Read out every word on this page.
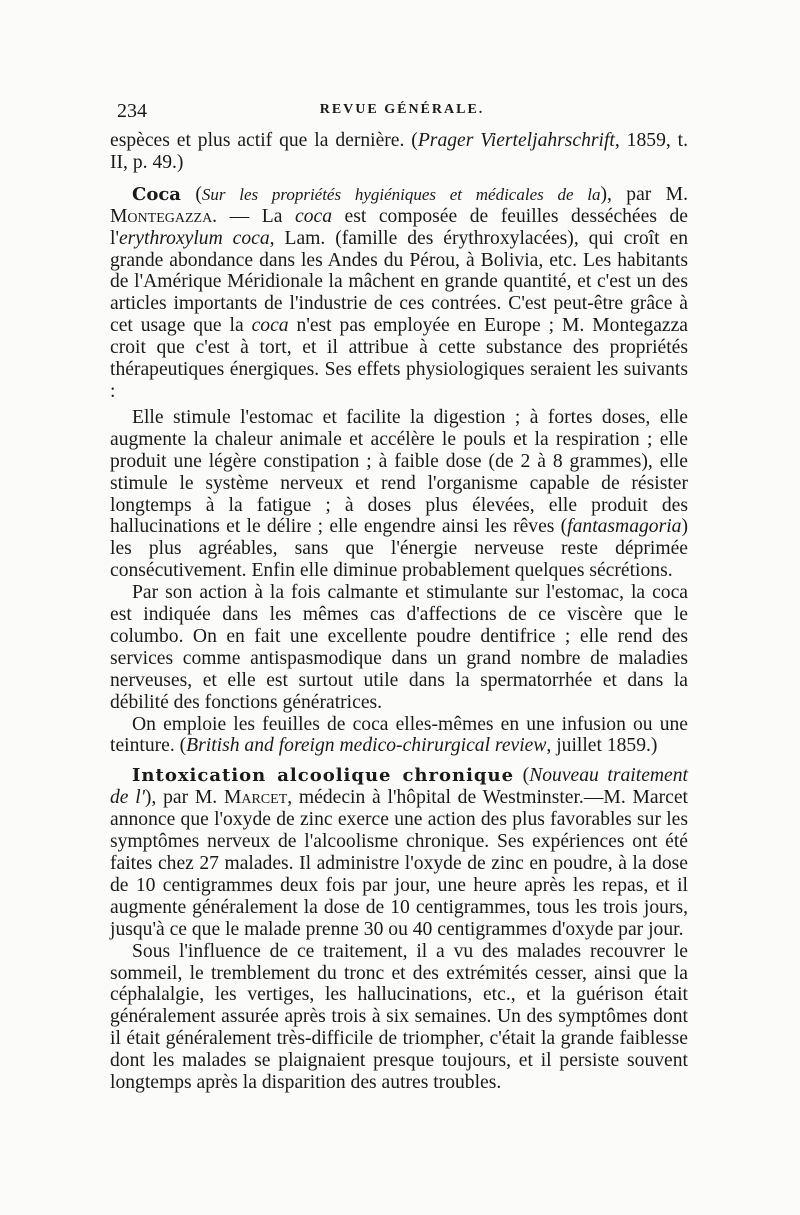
234	REVUE GÉNÉRALE.

espèces et plus actif que la dernière. (Prager Vierteljahrschrift, 1859, t. II, p. 49.)

Coca (Sur les propriétés hygiéniques et médicales de la), par M. Montegazza. — La coca est composée de feuilles desséchées de l'erythroxylum coca, Lam. (famille des érythroxylacées), qui croît en grande abondance dans les Andes du Pérou, à Bolivia, etc. Les habitants de l'Amérique Méridionale la mâchent en grande quantité, et c'est un des articles importants de l'industrie de ces contrées. C'est peut-être grâce à cet usage que la coca n'est pas employée en Europe ; M. Montegazza croit que c'est à tort, et il attribue à cette substance des propriétés thérapeutiques énergiques. Ses effets physiologiques seraient les suivants :

Elle stimule l'estomac et facilite la digestion ; à fortes doses, elle augmente la chaleur animale et accélère le pouls et la respiration ; elle produit une légère constipation ; à faible dose (de 2 à 8 grammes), elle stimule le système nerveux et rend l'organisme capable de résister longtemps à la fatigue ; à doses plus élevées, elle produit des hallucinations et le délire ; elle engendre ainsi les rêves (fantasmagoria) les plus agréables, sans que l'énergie nerveuse reste déprimée consécutivement. Enfin elle diminue probablement quelques sécrétions.

Par son action à la fois calmante et stimulante sur l'estomac, la coca est indiquée dans les mêmes cas d'affections de ce viscère que le columbo. On en fait une excellente poudre dentifrice ; elle rend des services comme antispasmodique dans un grand nombre de maladies nerveuses, et elle est surtout utile dans la spermatorrhée et dans la débilité des fonctions génératrices.

On emploie les feuilles de coca elles-mêmes en une infusion ou une teinture. (British and foreign medico-chirurgical review, juillet 1859.)

Intoxication alcoolique chronique (Nouveau traitement de l'), par M. Marcet, médecin à l'hôpital de Westminster.—M. Marcet annonce que l'oxyde de zinc exerce une action des plus favorables sur les symptômes nerveux de l'alcoolisme chronique. Ses expériences ont été faites chez 27 malades. Il administre l'oxyde de zinc en poudre, à la dose de 10 centigrammes deux fois par jour, une heure après les repas, et il augmente généralement la dose de 10 centigrammes, tous les trois jours, jusqu'à ce que le malade prenne 30 ou 40 centigrammes d'oxyde par jour.

Sous l'influence de ce traitement, il a vu des malades recouvrer le sommeil, le tremblement du tronc et des extrémités cesser, ainsi que la céphalalgie, les vertiges, les hallucinations, etc., et la guérison était généralement assurée après trois à six semaines. Un des symptômes dont il était généralement très-difficile de triompher, c'était la grande faiblesse dont les malades se plaignaient presque toujours, et il persiste souvent longtemps après la disparition des autres troubles.
